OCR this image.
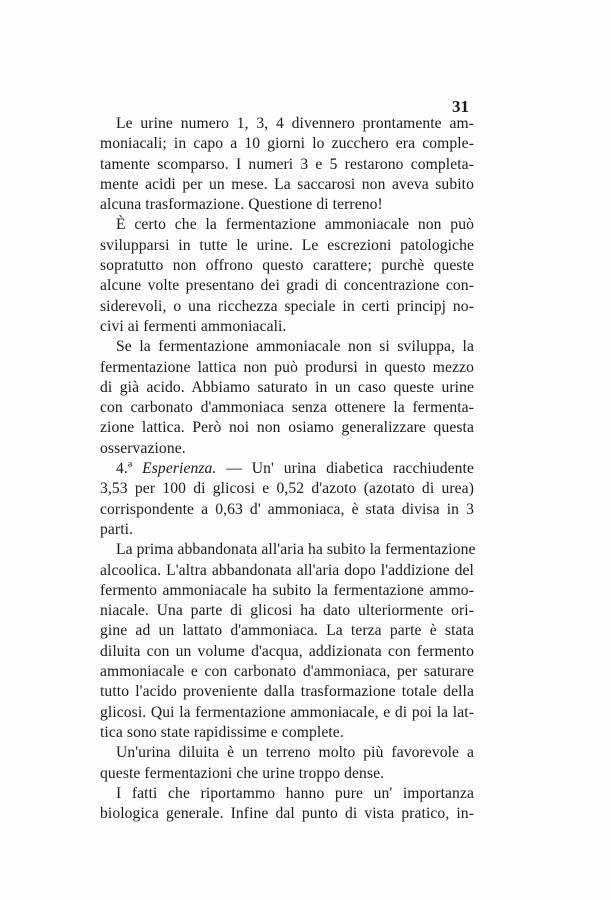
31
Le urine numero 1, 3, 4 divennero prontamente am-
moniacali; in capo a 10 giorni lo zucchero era comple-
tamente scomparso. I numeri 3 e 5 restarono completa-
mente acidi per un mese. La saccarosi non aveva subito
alcuna trasformazione. Questione di terreno!
È certo che la fermentazione ammoniacale non può
svilupparsi in tutte le urine. Le escrezioni patologiche
sopratutto non offrono questo carattere; purchè queste
alcune volte presentano dei gradi di concentrazione con-
siderevoli, o una ricchezza speciale in certi principj no-
civi ai fermenti ammoniacali.
Se la fermentazione ammoniacale non si sviluppa, la
fermentazione lattica non può prodursi in questo mezzo
di già acido. Abbiamo saturato in un caso queste urine
con carbonato d'ammoniaca senza ottenere la fermenta-
zione lattica. Però noi non osiamo generalizzare questa
osservazione.
4.ª Esperienza. — Un' urina diabetica racchiudente
3,53 per 100 di glicosi e 0,52 d'azoto (azotato di urea)
corrispondente a 0,63 d' ammoniaca, è stata divisa in 3
parti.
La prima abbandonata all'aria ha subito la fermentazione
alcoolica. L'altra abbandonata all'aria dopo l'addizione del
fermento ammoniacale ha subito la fermentazione ammo-
niacale. Una parte di glicosi ha dato ulteriormente ori-
gine ad un lattato d'ammoniaca. La terza parte è stata
diluita con un volume d'acqua, addizionata con fermento
ammoniacale e con carbonato d'ammoniaca, per saturare
tutto l'acido proveniente dalla trasformazione totale della
glicosi. Qui la fermentazione ammoniacale, e di poi la lat-
tica sono state rapidissime e complete.
Un'urina diluita è un terreno molto più favorevole a
queste fermentazioni che urine troppo dense.
I fatti che riportammo hanno pure un' importanza
biologica generale. Infine dal punto di vista pratico, in-
